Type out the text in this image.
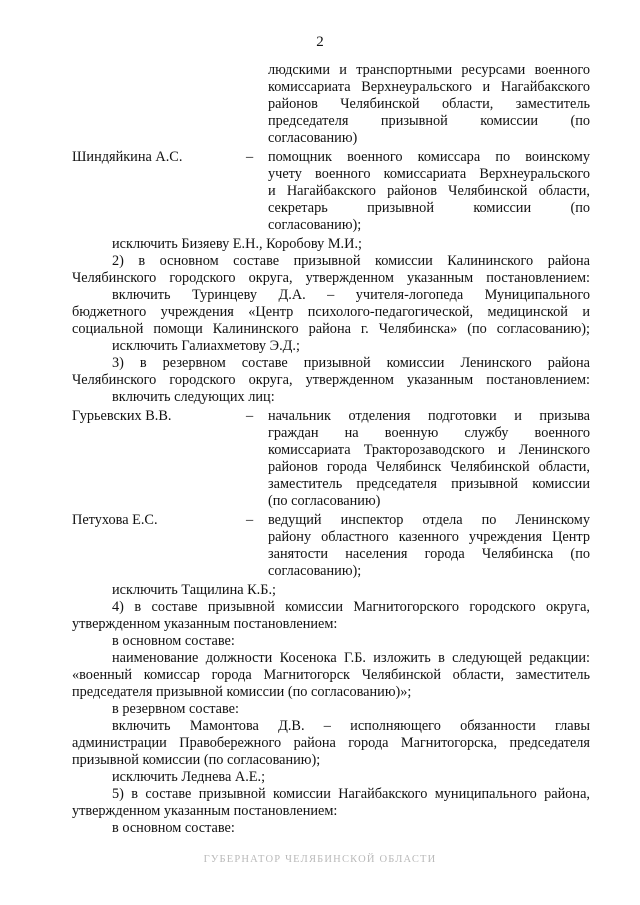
2
людскими и транспортными ресурсами военного
комиссариата Верхнеуральского и Нагайбакского
районов Челябинской области, заместитель
председателя призывной комиссии (по
согласованию)
Шиндяйкина А.С.	– помощник военного комиссара по воинскому
учету военного комиссариата Верхнеуральского
и Нагайбакского районов Челябинской области,
секретарь призывной комиссии (по
согласованию);
исключить Бизяеву Е.Н., Коробову М.И.;
2) в основном составе призывной комиссии Калининского района
Челябинского городского округа, утвержденном указанным постановлением:
включить Туринцеву Д.А. – учителя-логопеда Муниципального
бюджетного учреждения «Центр психолого-педагогической, медицинской и
социальной помощи Калининского района г. Челябинска» (по согласованию);
исключить Галиахметову Э.Д.;
3) в резервном составе призывной комиссии Ленинского района
Челябинского городского округа, утвержденном указанным постановлением:
включить следующих лиц:
Гурьевских В.В.	– начальник отделения подготовки и призыва
граждан на военную службу военного
комиссариата Тракторозаводского и Ленинского
районов города Челябинск Челябинской области,
заместитель председателя призывной комиссии
(по согласованию)
Петухова Е.С.	– ведущий инспектор отдела по Ленинскому
району областного казенного учреждения Центр
занятости населения города Челябинска (по
согласованию);
исключить Тащилина К.Б.;
4) в составе призывной комиссии Магнитогорского городского округа,
утвержденном указанным постановлением:
в основном составе:
наименование должности Косенока Г.Б. изложить в следующей редакции:
«военный комиссар города Магнитогорск Челябинской области, заместитель
председателя призывной комиссии (по согласованию)»;
в резервном составе:
включить Мамонтова Д.В. – исполняющего обязанности главы
администрации Правобережного района города Магнитогорска, председателя
призывной комиссии (по согласованию);
исключить Леднева А.Е.;
5) в составе призывной комиссии Нагайбакского муниципального района,
утвержденном указанным постановлением:
в основном составе:
ГУБЕРНАТОР ЧЕЛЯБИНСКОЙ ОБЛАСТИ
